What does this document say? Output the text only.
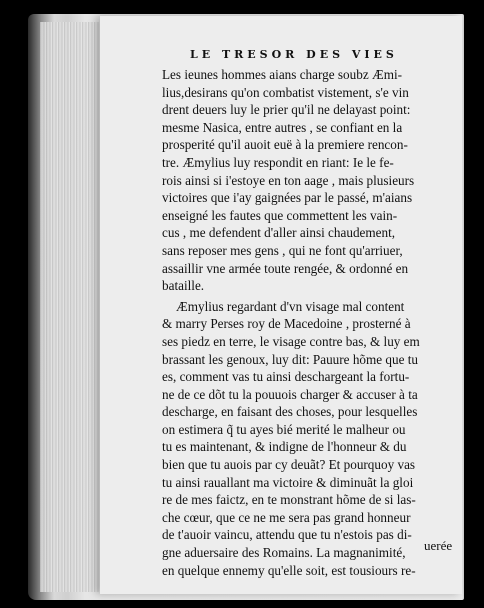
LE TRESOR DES VIES
Les ieunes hommes aians charge soubz Æmi-
lius,desirans qu'on combatist vistement, s'e vin
drent deuers luy le prier qu'il ne delayast point:
mesme Nasica, entre autres , se confiant en la
prosperité qu'il auoit euë à la premiere rencon-
tre. Æmylius luy respondit en riant: Ie le fe-
rois ainsi si i'estoye en ton aage , mais plusieurs
victoires que i'ay gaignées par le passé, m'aians
enseigné les fautes que commettent les vain-
cus , me defendent d'aller ainsi chaudement,
sans reposer mes gens , qui ne font qu'arriuer,
assaillir vne armée toute rengée, & ordonné en
bataille.
Æmylius regardant d'vn visage mal content
& marry Perses roy de Macedoine , prosterné à
ses piedz en terre, le visage contre bas, & luy em
brassant les genoux, luy dit: Pauure hõme que tu
es, comment vas tu ainsi deschargeant la fortu-
ne de ce dõt tu la pouuois charger & accuser à ta
descharge, en faisant des choses, pour lesquelles
on estimera q̃ tu ayes bié merité le malheur ou
tu es maintenant, & indigne de l'honneur & du
bien que tu auois par cy deuãt? Et pourquoy vas
tu ainsi rauallant ma victoire & diminuãt la gloi
re de mes faictz, en te monstrant hõme de si las-
che cœur, que ce ne me sera pas grand honneur
de t'auoir vaincu, attendu que tu n'estois pas di-
gne aduersaire des Romains. La magnanimité,
en quelque ennemy qu'elle soit, est tousiours re-
uerée
